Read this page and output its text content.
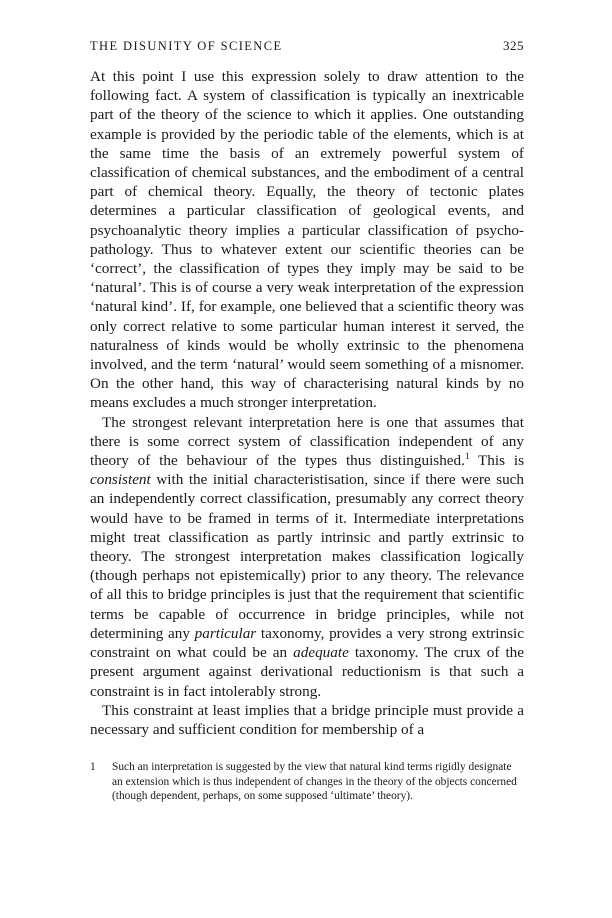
THE DISUNITY OF SCIENCE	325

At this point I use this expression solely to draw attention to the following fact. A system of classification is typically an inextricable part of the theory of the science to which it applies. One outstanding example is provided by the periodic table of the elements, which is at the same time the basis of an extremely powerful system of classification of chemical substances, and the embodiment of a central part of chemical theory. Equally, the theory of tectonic plates determines a particular classification of geological events, and psychoanalytic theory implies a particular classification of psycho-pathology. Thus to whatever extent our scientific theories can be ‘correct’, the classification of types they imply may be said to be ‘natural’. This is of course a very weak interpretation of the expression ‘natural kind’. If, for example, one believed that a scientific theory was only correct relative to some particular human interest it served, the naturalness of kinds would be wholly extrinsic to the phenomena involved, and the term ‘natural’ would seem something of a misnomer. On the other hand, this way of characterising natural kinds by no means excludes a much stronger interpretation.

The strongest relevant interpretation here is one that assumes that there is some correct system of classification independent of any theory of the behaviour of the types thus distinguished.$^1$ This is consistent with the initial characteristisation, since if there were such an independently correct classification, presumably any correct theory would have to be framed in terms of it. Intermediate interpretations might treat classification as partly intrinsic and partly extrinsic to theory. The strongest interpretation makes classification logically (though perhaps not epistemically) prior to any theory. The relevance of all this to bridge principles is just that the requirement that scientific terms be capable of occurrence in bridge principles, while not determining any particular taxonomy, provides a very strong extrinsic constraint on what could be an adequate taxonomy. The crux of the present argument against derivational reductionism is that such a constraint is in fact intolerably strong.

This constraint at least implies that a bridge principle must provide a necessary and sufficient condition for membership of a

1	Such an interpretation is suggested by the view that natural kind terms rigidly designate an extension which is thus independent of changes in the theory of the objects concerned (though dependent, perhaps, on some supposed ‘ultimate’ theory).
